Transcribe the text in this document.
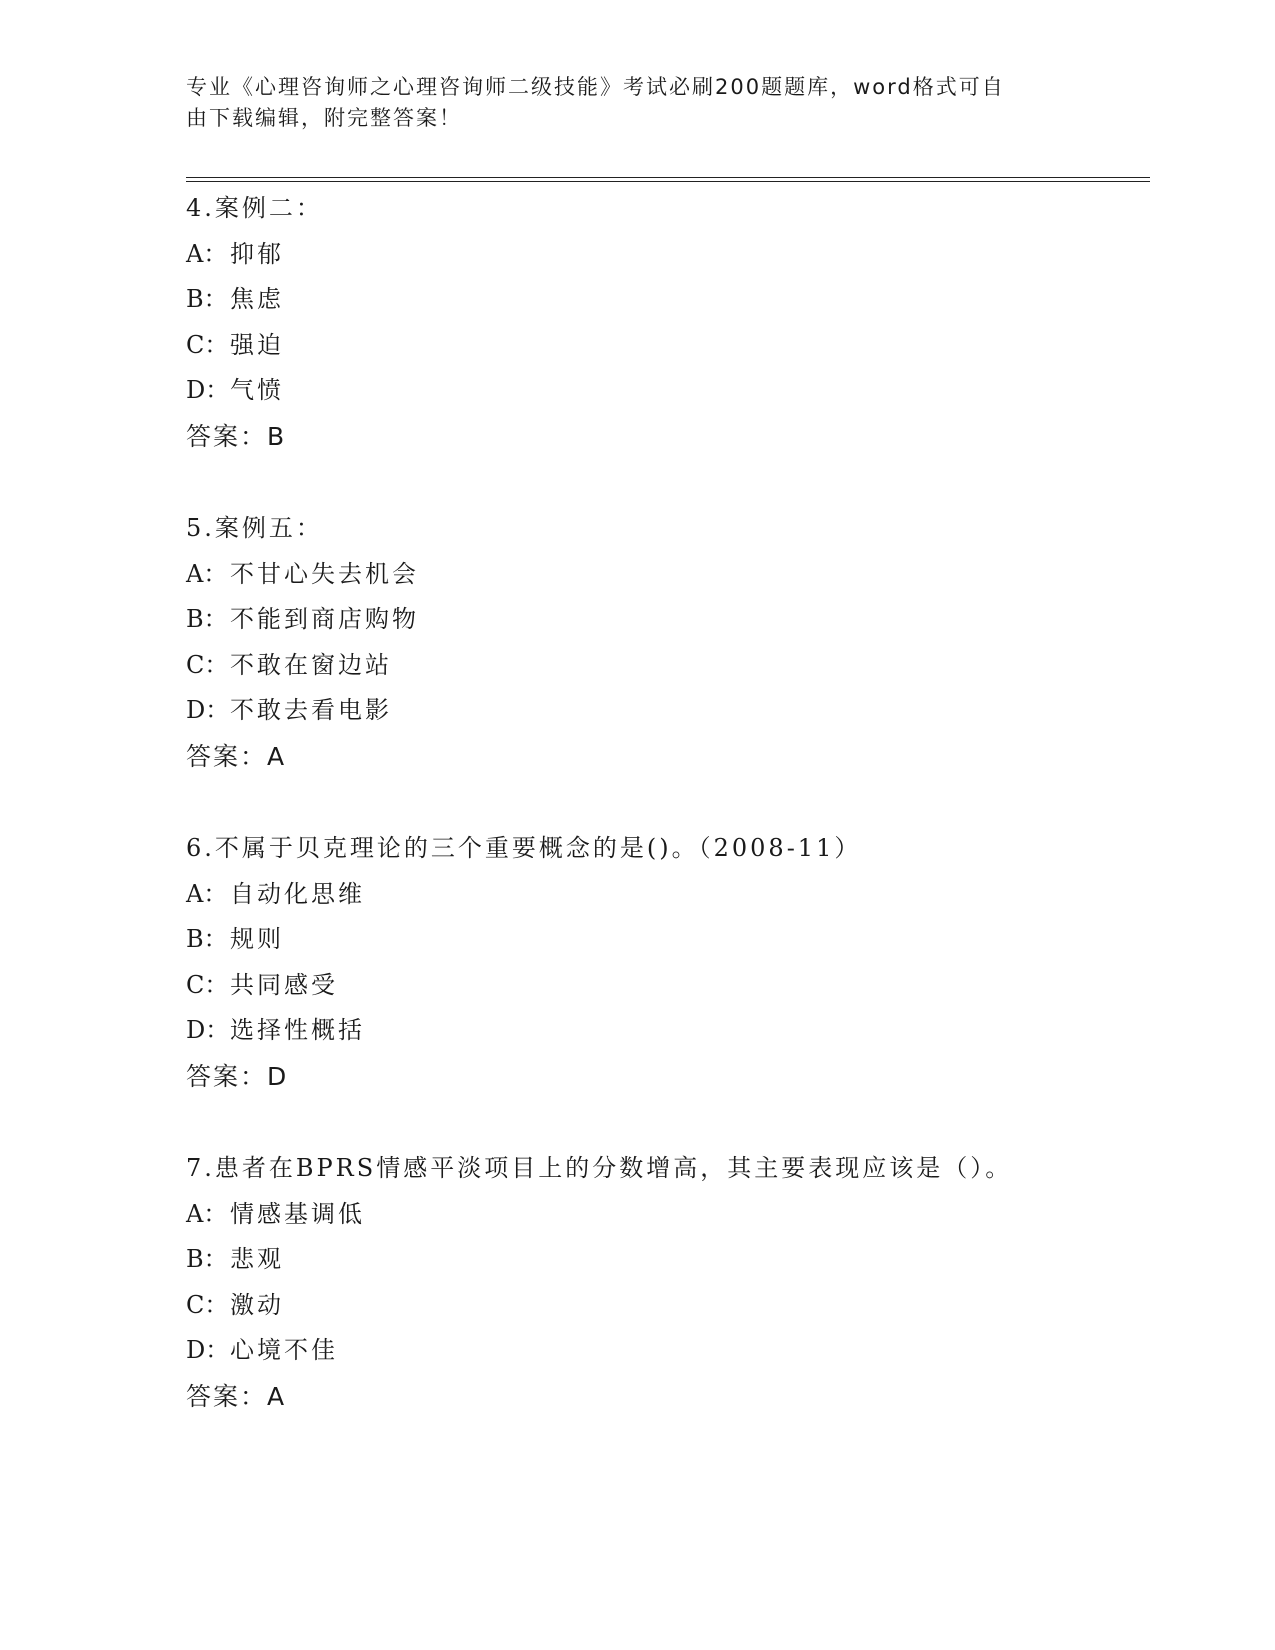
专业《心理咨询师之心理咨询师二级技能》考试必刷200题题库，word格式可自
由下载编辑，附完整答案！
4.案例二：
A： 抑郁
B：焦虑
C：强迫
D：气愤
答案：B
5.案例五：
A： 不甘心失去机会
B：不能到商店购物
C：不敢在窗边站
D：不敢去看电影
答案：A
6.不属于贝克理论的三个重要概念的是()。（2008-11）
A： 自动化思维
B：规则
C：共同感受
D：选择性概括
答案：D
7.患者在BPRS情感平淡项目上的分数增高，其主要表现应该是（）。
A： 情感基调低
B：悲观
C：激动
D：心境不佳
答案：A
